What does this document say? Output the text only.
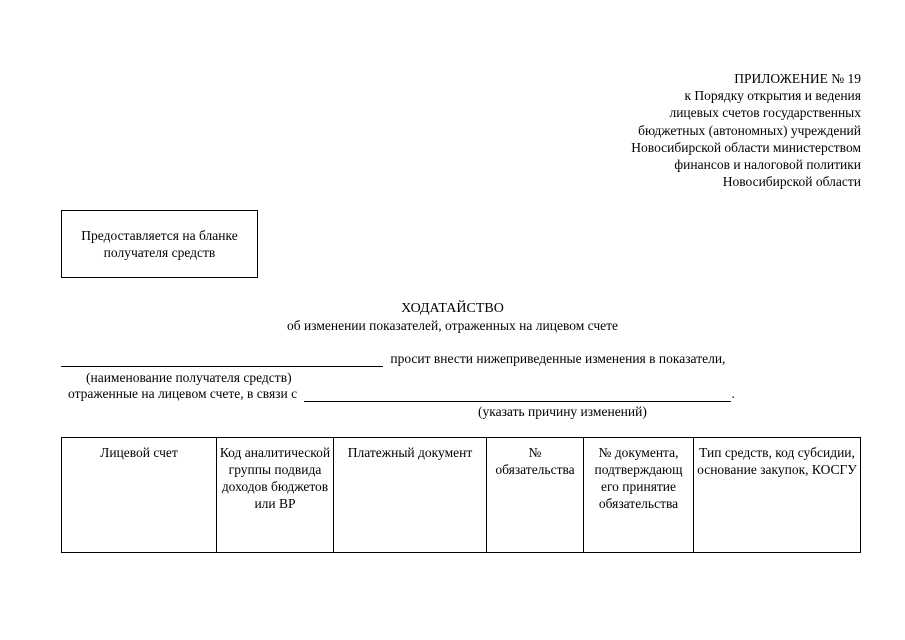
ПРИЛОЖЕНИЕ № 19
к Порядку открытия и ведения
лицевых счетов государственных
бюджетных (автономных) учреждений
Новосибирской области министерством
финансов и налоговой политики
Новосибирской области
Предоставляется на бланке
получателя средств
ХОДАТАЙСТВО
об изменении показателей, отраженных на лицевом счете
просит внести нижеприведенные изменения в показатели,
(наименование получателя средств)
отраженные на лицевом счете, в связи с	.
(указать причину изменений)
Лицевой счет	Код аналитической группы подвида доходов бюджетов или ВР	Платежный документ	№ обязательства	№ документа, подтверждающ его принятие обязательства	Тип средств, код субсидии, основание закупок, КОСГУ
